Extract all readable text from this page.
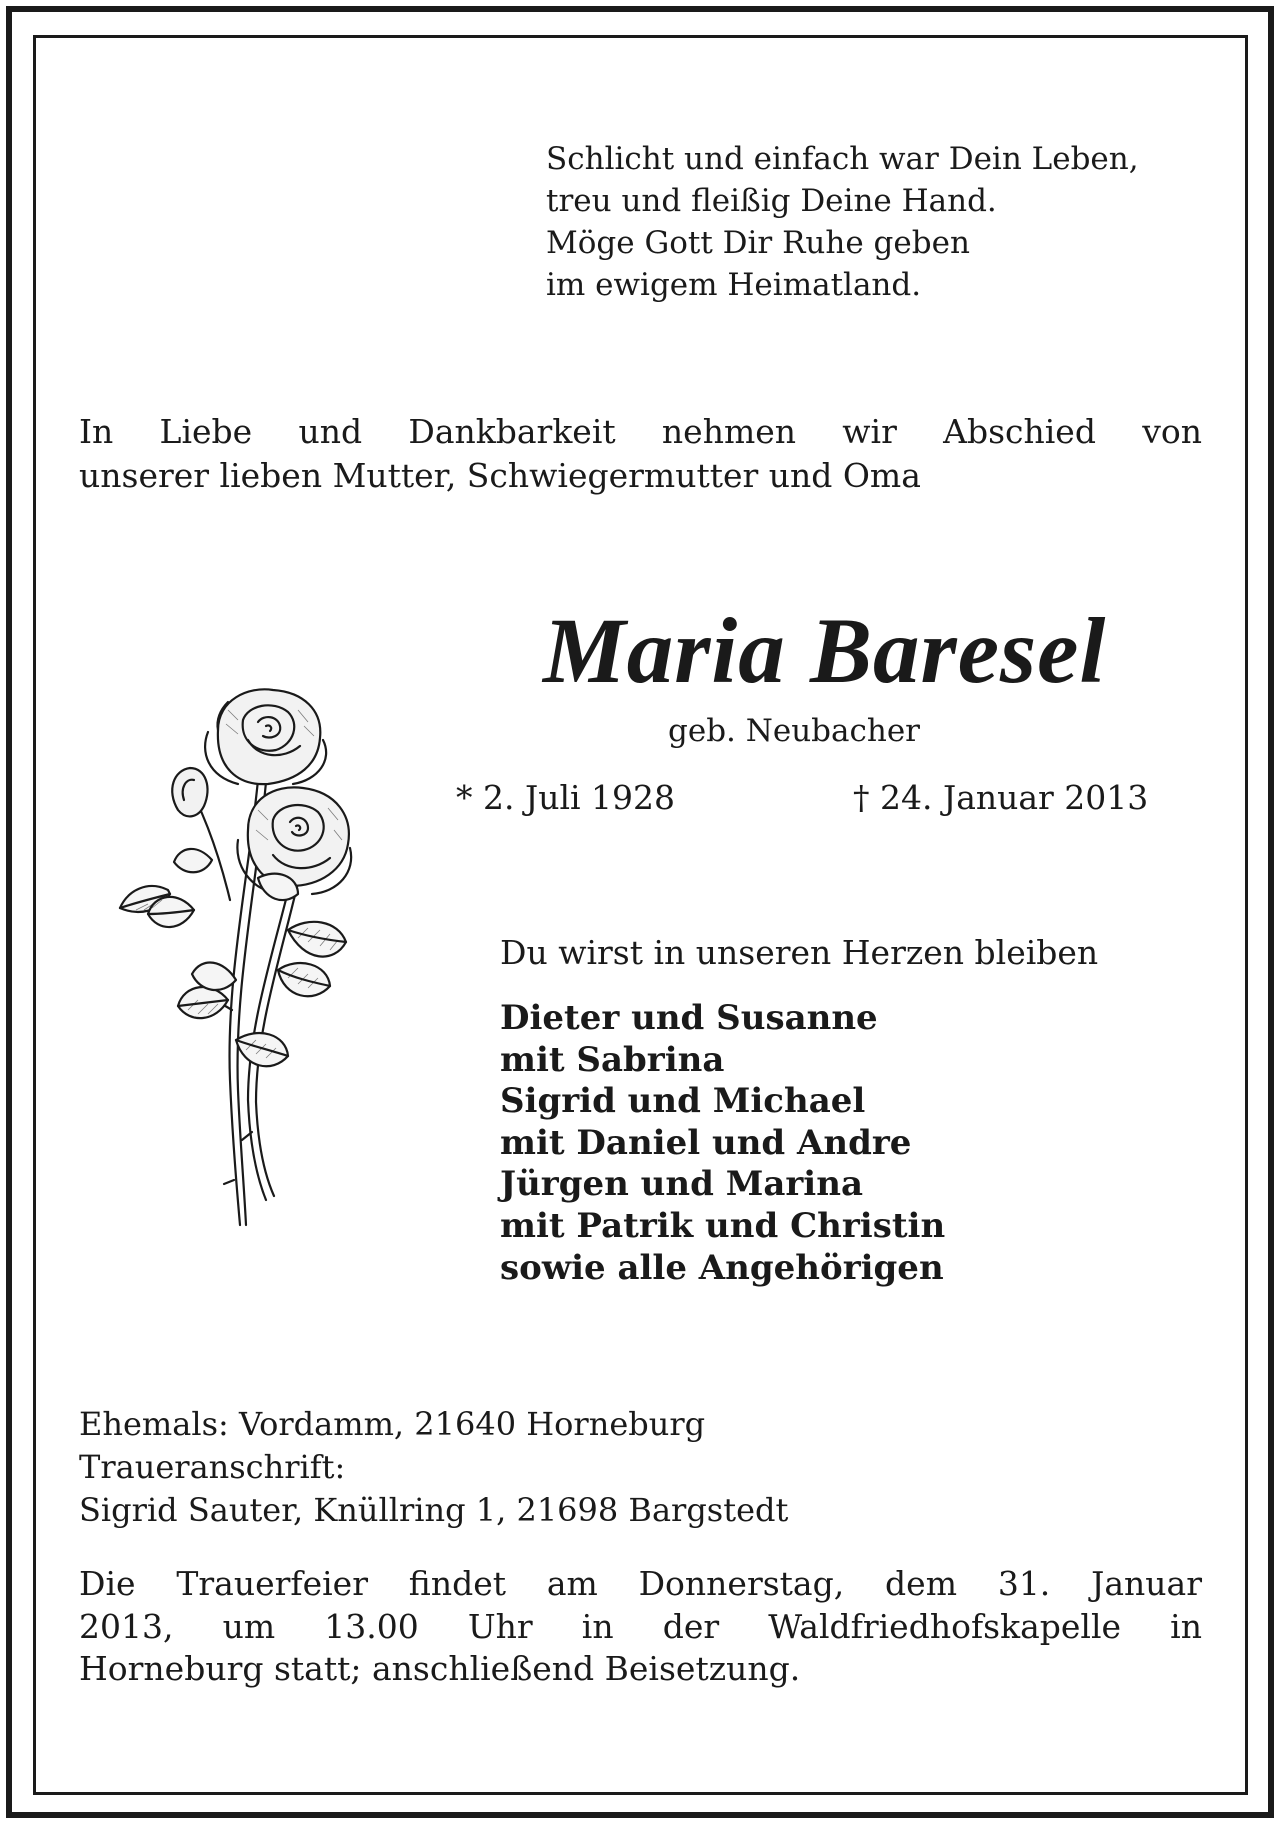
Schlicht und einfach war Dein Leben,
treu und fleißig Deine Hand.
Möge Gott Dir Ruhe geben
im ewigem Heimatland.
In Liebe und Dankbarkeit nehmen wir Abschied von
unserer lieben Mutter, Schwiegermutter und Oma
Maria Baresel
geb. Neubacher
* 2. Juli 1928	† 24. Januar 2013
Du wirst in unseren Herzen bleiben
Dieter und Susanne
mit Sabrina
Sigrid und Michael
mit Daniel und Andre
Jürgen und Marina
mit Patrik und Christin
sowie alle Angehörigen
Ehemals: Vordamm, 21640 Horneburg
Traueranschrift:
Sigrid Sauter, Knüllring 1, 21698 Bargstedt
Die Trauerfeier findet am Donnerstag, dem 31. Januar
2013, um 13.00 Uhr in der Waldfriedhofskapelle in
Horneburg statt; anschließend Beisetzung.
